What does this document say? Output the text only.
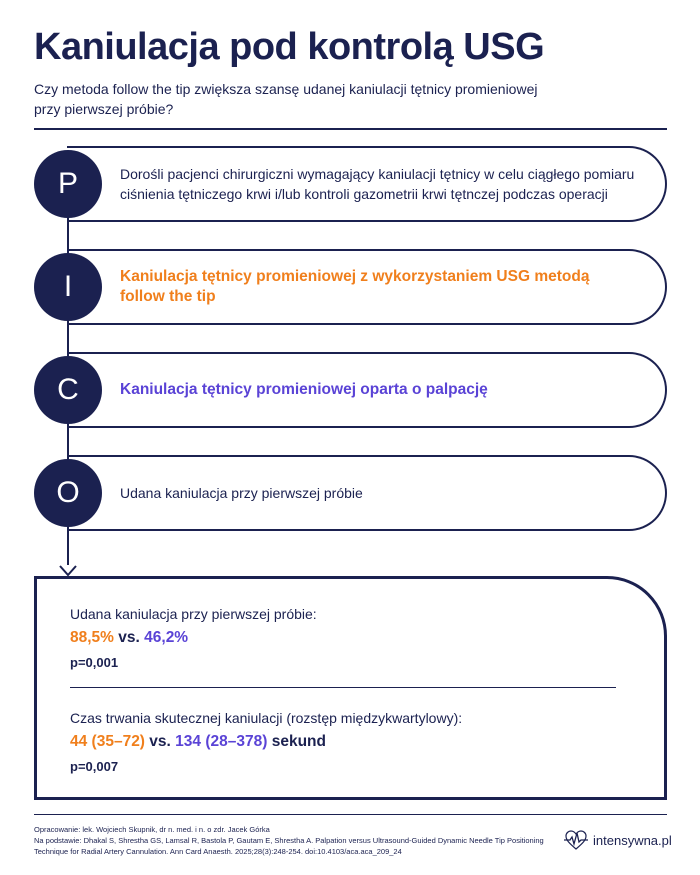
Kaniulacja pod kontrolą USG
Czy metoda follow the tip zwiększa szansę udanej kaniulacji tętnicy promieniowej przy pierwszej próbie?
Dorośli pacjenci chirurgiczni wymagający kaniulacji tętnicy w celu ciągłego pomiaru ciśnienia tętniczego krwi i/lub kontroli gazometrii krwi tętnczej podczas operacji
P
Kaniulacja tętnicy promieniowej z wykorzystaniem USG metodą follow the tip
I
Kaniulacja tętnicy promieniowej oparta o palpację
C
Udana kaniulacja przy pierwszej próbie
O
Udana kaniulacja przy pierwszej próbie:
88,5% vs. 46,2%
p=0,001
Czas trwania skutecznej kaniulacji (rozstęp międzykwartylowy):
44 (35–72) vs. 134 (28–378) sekund
p=0,007
Opracowanie: lek. Wojciech Skupnik, dr n. med. i n. o zdr. Jacek Górka
Na podstawie: Dhakal S, Shrestha GS, Lamsal R, Bastola P, Gautam E, Shrestha A. Palpation versus Ultrasound-Guided Dynamic Needle Tip Positioning Technique for Radial Artery Cannulation. Ann Card Anaesth. 2025;28(3):248-254. doi:10.4103/aca.aca_209_24
intensywna.pl
